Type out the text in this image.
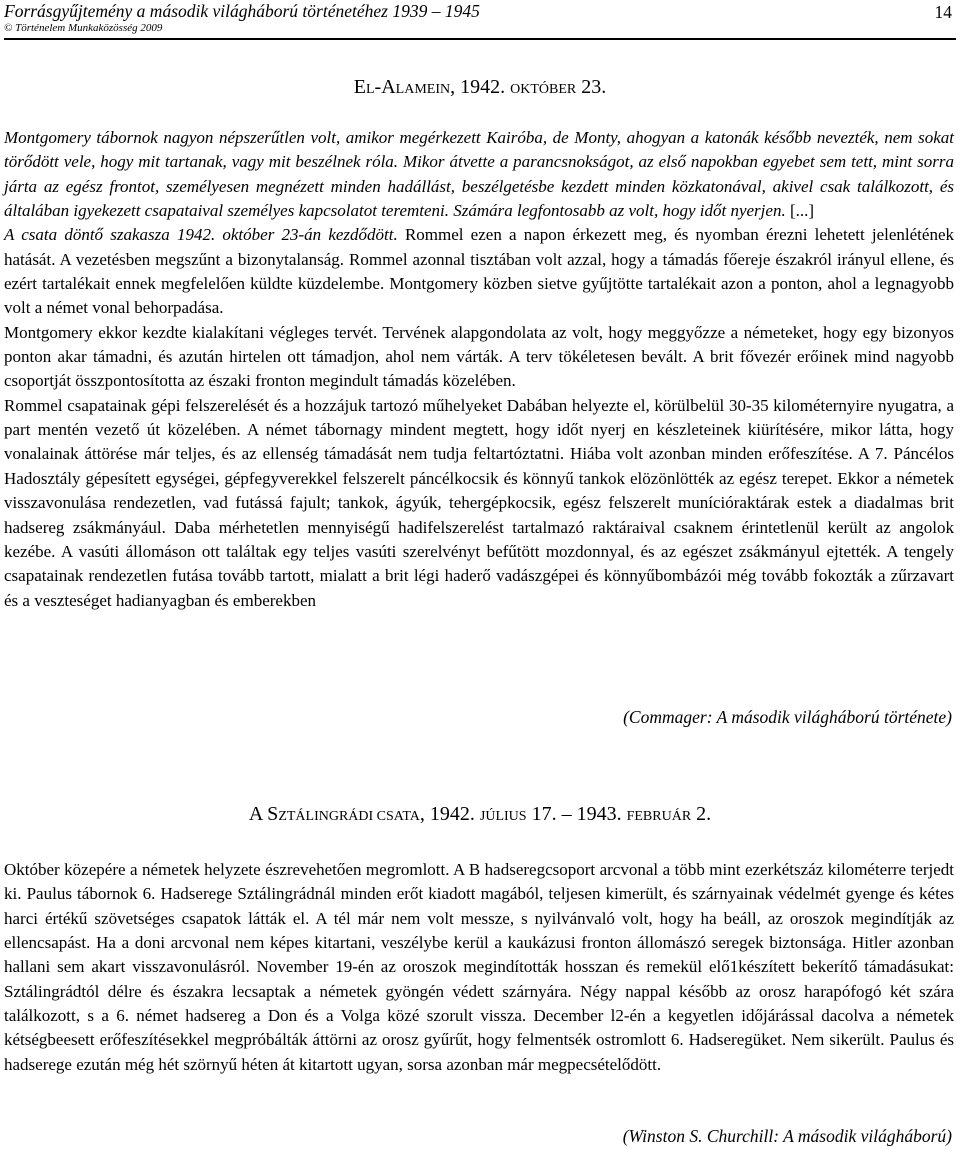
Forrásgyűjtemény a második világháború történetéhez 1939 – 1945	14
© Történelem Munkaközösség 2009
EL-ALAMEIN, 1942. OKTÓBER 23.

Montgomery tábornok nagyon népszerűtlen volt, amikor megérkezett Kairóba, de Monty, ahogyan a katonák később nevezték, nem sokat törődött vele, hogy mit tartanak, vagy mit beszélnek róla. Mikor átvette a parancsnokságot, az első napokban egyebet sem tett, mint sorra járta az egész frontot, személyesen megnézett minden hadállást, beszélgetésbe kezdett minden közkatonával, akivel csak találkozott, és általában igyekezett csapataival személyes kapcsolatot teremteni. Számára legfontosabb az volt, hogy időt nyerjen. [...]

A csata döntő szakasza 1942. október 23-án kezdődött. Rommel ezen a napon érkezett meg, és nyomban érezni lehetett jelenlétének hatását. A vezetésben megszűnt a bizonytalanság. Rommel azonnal tisztában volt azzal, hogy a támadás főereje északról irányul ellene, és ezért tartalékait ennek megfelelően küldte küzdelembe. Montgomery közben sietve gyűjtötte tartalékait azon a ponton, ahol a legnagyobb volt a német vonal behorpadása.

Montgomery ekkor kezdte kialakítani végleges tervét. Tervének alapgondolata az volt, hogy meggyőzze a németeket, hogy egy bizonyos ponton akar támadni, és azután hirtelen ott támadjon, ahol nem várták. A terv tökéletesen bevált. A brit fővezér erőinek mind nagyobb csoportját összpontosította az északi fronton megindult támadás közelében.

Rommel csapatainak gépi felszerelését és a hozzájuk tartozó műhelyeket Dabában helyezte el, körülbelül 30-35 kilométernyire nyugatra, a part mentén vezető út közelében. A német tábornagy mindent megtett, hogy időt nyerj en készleteinek kiürítésére, mikor látta, hogy vonalainak áttörése már teljes, és az ellenség támadását nem tudja feltartóztatni. Hiába volt azonban minden erőfeszítése. A 7. Páncélos Hadosztály gépesített egységei, gépfegyverekkel felszerelt páncélkocsik és könnyű tankok elözönlötték az egész terepet. Ekkor a németek visszavonulása rendezetlen, vad futássá fajult; tankok, ágyúk, tehergépkocsik, egész felszerelt munícióraktárak estek a diadalmas brit hadsereg zsákmányául. Daba mérhetetlen mennyiségű hadifelszerelést tartalmazó raktáraival csaknem érintetlenül került az angolok kezébe. A vasúti állomáson ott találtak egy teljes vasúti szerelvényt befűtött mozdonnyal, és az egészet zsákmányul ejtették. A tengely csapatainak rendezetlen futása tovább tartott, mialatt a brit légi haderő vadászgépei és könnyűbombázói még tovább fokozták a zűrzavart és a veszteséget hadianyagban és emberekben

(Commager: A második világháború története)
A SZTÁLINGRÁDI CSATA, 1942. JÚLIUS 17. – 1943. FEBRUÁR 2.

Október közepére a németek helyzete észrevehetően megromlott. A B hadseregcsoport arcvonal a több mint ezerkétszáz kilométerre terjedt ki. Paulus tábornok 6. Hadserege Sztálingrádnál minden erőt kiadott magából, teljesen kimerült, és szárnyainak védelmét gyenge és kétes harci értékű szövetséges csapatok látták el. A tél már nem volt messze, s nyilvánvaló volt, hogy ha beáll, az oroszok megindítják az ellencsapást. Ha a doni arcvonal nem képes kitartani, veszélybe kerül a kaukázusi fronton állomászó seregek biztonsága. Hitler azonban hallani sem akart visszavonulásról. November 19-én az oroszok megindították hosszan és remekül elő1készített bekerítő támadásukat: Sztálingrádtól délre és északra lecsaptak a németek gyöngén védett szárnyára. Négy nappal később az orosz harapófogó két szára találkozott, s a 6. német hadsereg a Don és a Volga közé szorult vissza. December l2-én a kegyetlen időjárással dacolva a németek kétségbeesett erőfeszítésekkel megpróbálták áttörni az orosz gyűrűt, hogy felmentsék ostromlott 6. Hadseregüket. Nem sikerült. Paulus és hadserege ezután még hét szörnyű héten át kitartott ugyan, sorsa azonban már megpecsételődött.

(Winston S. Churchill: A második világháború)
